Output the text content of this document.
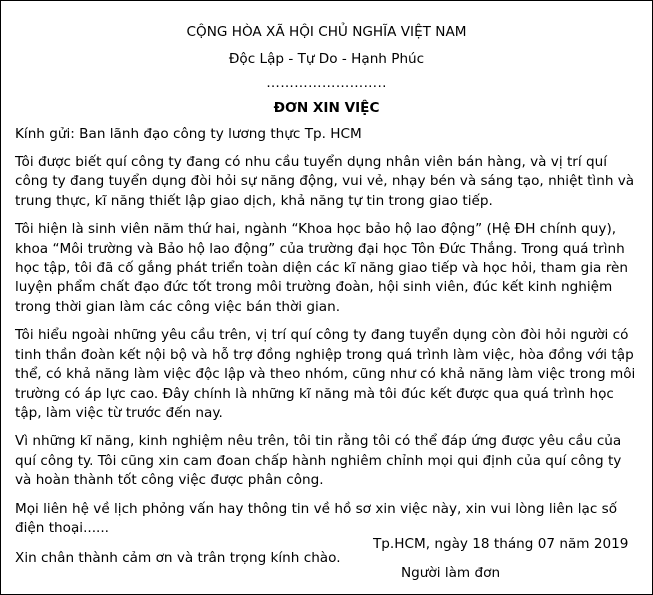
CỘNG HÒA XÃ HỘI CHỦ NGHĨA VIỆT NAM
Độc Lập - Tự Do - Hạnh Phúc
……………………..
ĐƠN XIN VIỆC
Kính gửi: Ban lãnh đạo công ty lương thực Tp. HCM

Tôi được biết quí công ty đang có nhu cầu tuyển dụng nhân viên bán hàng, và vị trí quí công ty đang tuyển dụng đòi hỏi sự năng động, vui vẻ, nhạy bén và sáng tạo, nhiệt tình và trung thực, kĩ năng thiết lập giao dịch, khả năng tự tin trong giao tiếp.

Tôi hiện là sinh viên năm thứ hai, ngành “Khoa học bảo hộ lao động” (Hệ ĐH chính quy), khoa “Môi trường và Bảo hộ lao động” của trường đại học Tôn Đức Thắng. Trong quá trình học tập, tôi đã cố gắng phát triển toàn diện các kĩ năng giao tiếp và học hỏi, tham gia rèn luyện phẩm chất đạo đức tốt trong môi trường đoàn, hội sinh viên, đúc kết kinh nghiệm trong thời gian làm các công việc bán thời gian.

Tôi hiểu ngoài những yêu cầu trên, vị trí quí công ty đang tuyển dụng còn đòi hỏi người có tinh thần đoàn kết nội bộ và hỗ trợ đồng nghiệp trong quá trình làm việc, hòa đồng với tập thể, có khả năng làm việc độc lập và theo nhóm, cũng như có khả năng làm việc trong môi trường có áp lực cao. Đây chính là những kĩ năng mà tôi đúc kết được qua quá trình học tập, làm việc từ trước đến nay.

Vì những kĩ năng, kinh nghiệm nêu trên, tôi tin rằng tôi có thể đáp ứng được yêu cầu của quí công ty. Tôi cũng xin cam đoan chấp hành nghiêm chỉnh mọi qui định của quí công ty và hoàn thành tốt công việc được phân công.

Mọi liên hệ về lịch phỏng vấn hay thông tin về hồ sơ xin việc này, xin vui lòng liên lạc số điện thoại......

Xin chân thành cảm ơn và trân trọng kính chào.
Tp.HCM, ngày 18 tháng 07 năm 2019
Người làm đơn
